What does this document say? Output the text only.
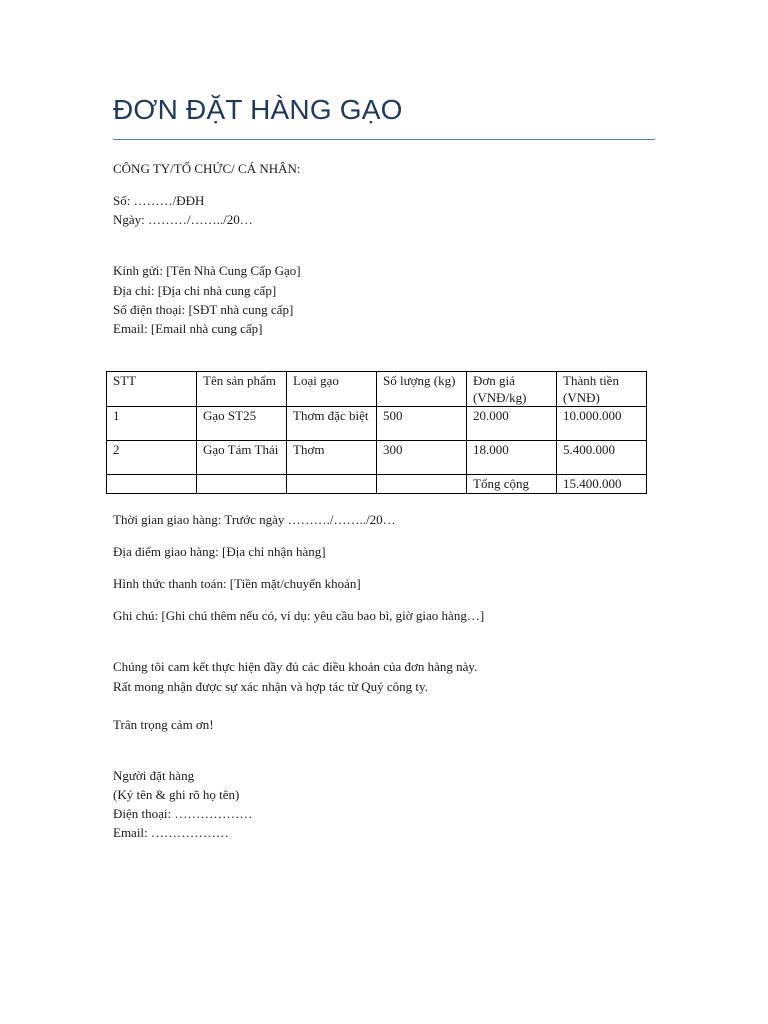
ĐƠN ĐẶT HÀNG GẠO
CÔNG TY/TỔ CHỨC/ CÁ NHÂN:
Số: ………/ĐĐH
Ngày: ………/……../20…
Kính gửi: [Tên Nhà Cung Cấp Gạo]
Địa chỉ: [Địa chỉ nhà cung cấp]
Số điện thoại: [SĐT nhà cung cấp]
Email: [Email nhà cung cấp]
STT	Tên sản phẩm	Loại gạo	Số lượng (kg)	Đơn giá (VNĐ/kg)	Thành tiền (VNĐ)
1	Gạo ST25	Thơm đặc biệt	500	20.000	10.000.000
2	Gạo Tám Thái	Thơm	300	18.000	5.400.000
				Tổng cộng	15.400.000
Thời gian giao hàng: Trước ngày ………./……../20…
Địa điểm giao hàng: [Địa chỉ nhận hàng]
Hình thức thanh toán: [Tiền mặt/chuyển khoản]
Ghi chú: [Ghi chú thêm nếu có, ví dụ: yêu cầu bao bì, giờ giao hàng…]
Chúng tôi cam kết thực hiện đầy đủ các điều khoản của đơn hàng này.
Rất mong nhận được sự xác nhận và hợp tác từ Quý công ty.
Trân trọng cảm ơn!
Người đặt hàng
(Ký tên & ghi rõ họ tên)
Điện thoại: ………………
Email: ………………
